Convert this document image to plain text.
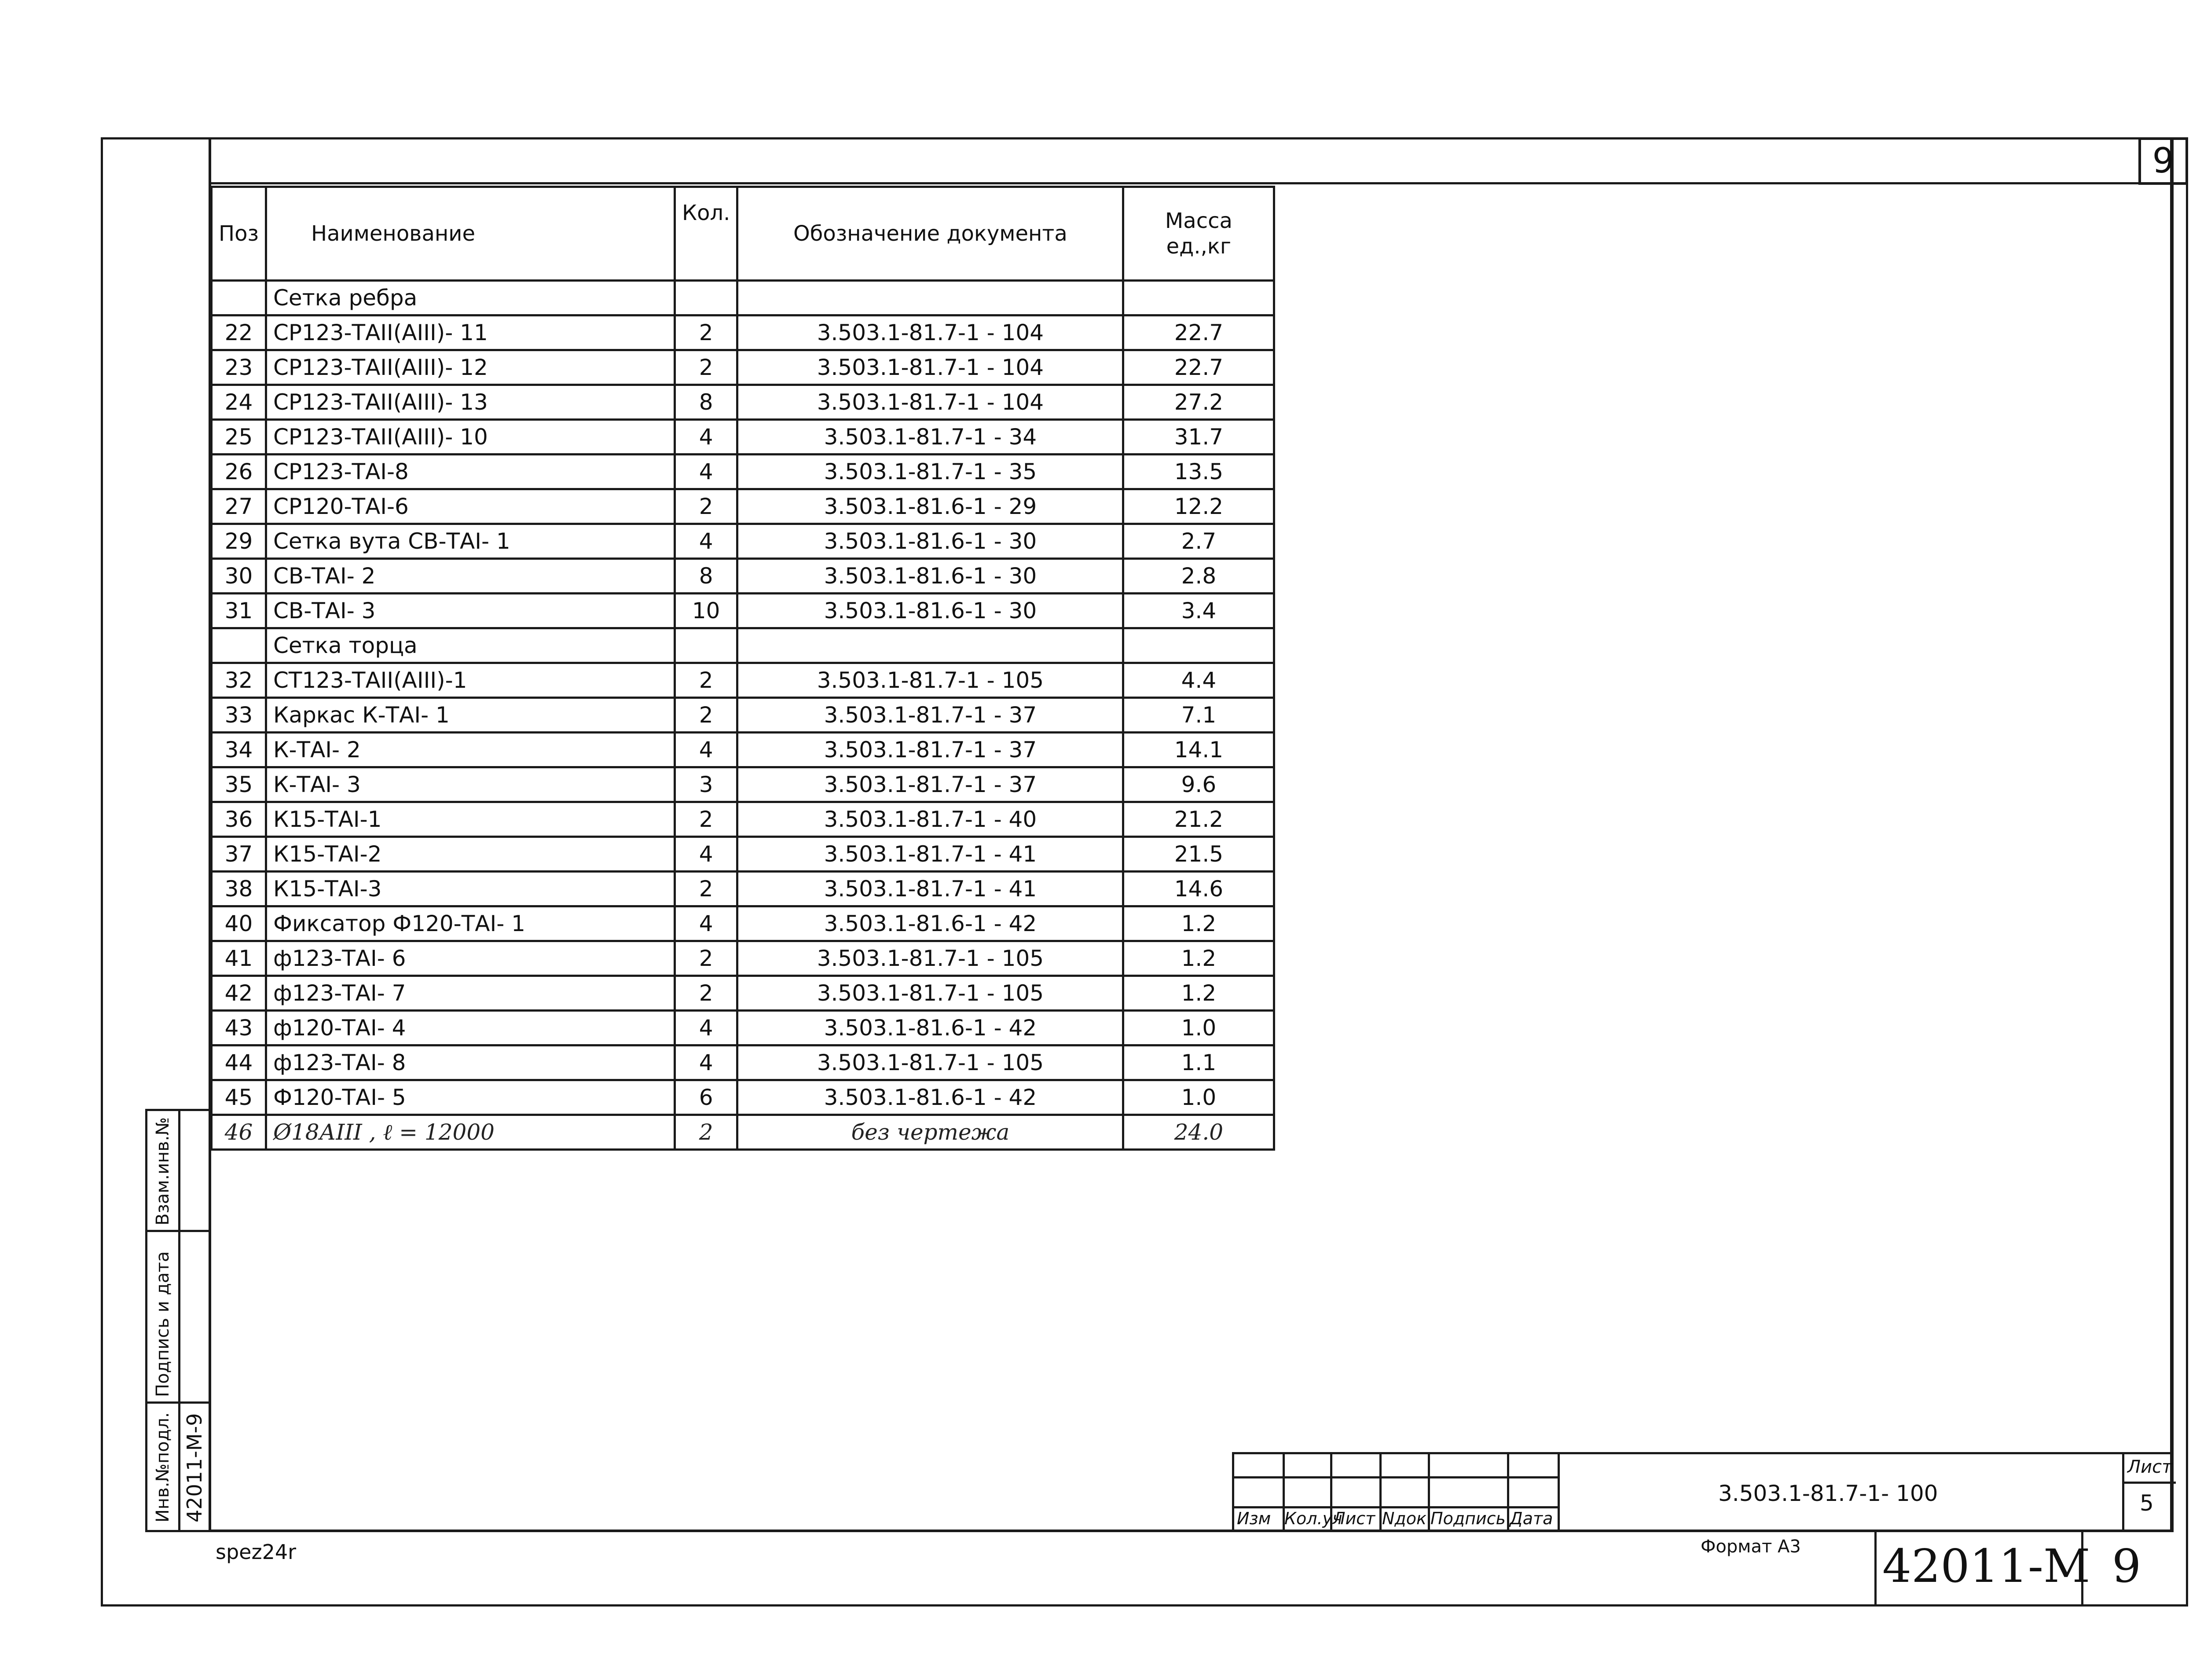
9
Поз	Наименование	Кол.	Обозначение документа	Масса ед.,кг
	Сетка ребра			
22	СР123-ТАII(АIII)- 11	2	3.503.1-81.7-1 - 104	22.7
23	СР123-ТАII(АIII)- 12	2	3.503.1-81.7-1 - 104	22.7
24	СР123-ТАII(АIII)- 13	8	3.503.1-81.7-1 - 104	27.2
25	СР123-ТАII(АIII)- 10	4	3.503.1-81.7-1 - 34	31.7
26	СР123-ТАI-8	4	3.503.1-81.7-1 - 35	13.5
27	СР120-ТАI-6	2	3.503.1-81.6-1 - 29	12.2
29	Сетка вута СВ-ТАI- 1	4	3.503.1-81.6-1 - 30	2.7
30	СВ-ТАI- 2	8	3.503.1-81.6-1 - 30	2.8
31	СВ-ТАI- 3	10	3.503.1-81.6-1 - 30	3.4
	Сетка торца			
32	СТ123-ТАII(АIII)-1	2	3.503.1-81.7-1 - 105	4.4
33	Каркас К-ТАI- 1	2	3.503.1-81.7-1 - 37	7.1
34	К-ТАI- 2	4	3.503.1-81.7-1 - 37	14.1
35	К-ТАI- 3	3	3.503.1-81.7-1 - 37	9.6
36	К15-ТАI-1	2	3.503.1-81.7-1 - 40	21.2
37	К15-ТАI-2	4	3.503.1-81.7-1 - 41	21.5
38	К15-ТАI-3	2	3.503.1-81.7-1 - 41	14.6
40	Фиксатор Ф120-ТАI- 1	4	3.503.1-81.6-1 - 42	1.2
41	ф123-ТАI- 6	2	3.503.1-81.7-1 - 105	1.2
42	ф123-ТАI- 7	2	3.503.1-81.7-1 - 105	1.2
43	ф120-ТАI- 4	4	3.503.1-81.6-1 - 42	1.0
44	ф123-ТАI- 8	4	3.503.1-81.7-1 - 105	1.1
45	Ф120-ТАI- 5	6	3.503.1-81.6-1 - 42	1.0
46	Ø18АIII , ℓ = 12000	2	без чертежа	24.0
Взам.инв.№
Подпись и дата
Инв.№подл. 42011-М-9	Изм Кол.уч
Лист Nдок Подпись Дата
3.503.1-81.7-1- 100
Лист
5
spez24r	Формат А3 42011-М 9
